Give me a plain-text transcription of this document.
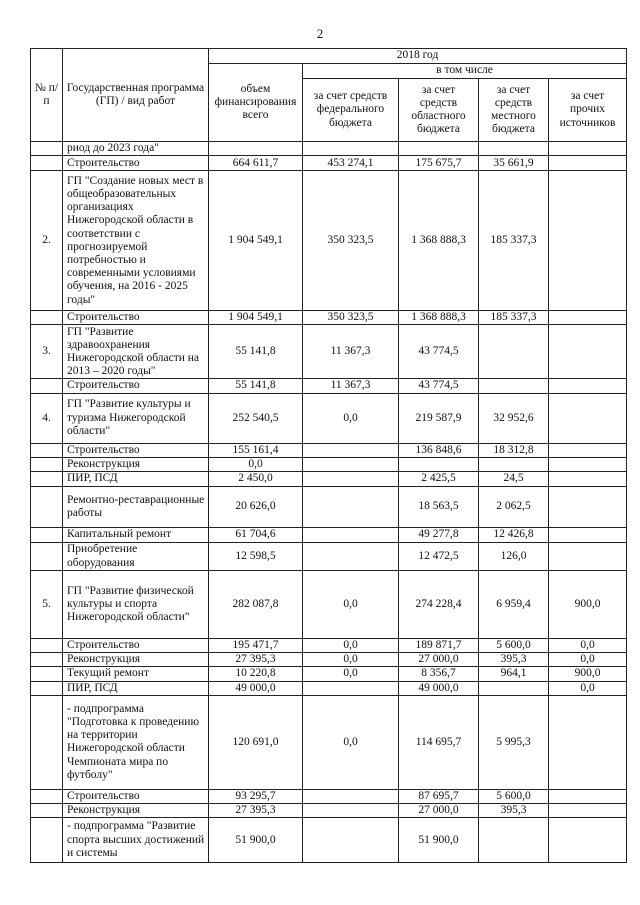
2
№ п/п	Государственная программа (ГП) / вид работ	2018 год				
		объем финансирования всего	в том числе			
			за счет средств федерального бюджета	за счет средств областного бюджета	за счет средств местного бюджета	за счет прочих источников
	риод до 2023 года"					
	Строительство	664 611,7	453 274,1	175 675,7	35 661,9	
2.	ГП "Создание новых мест в общеобразовательных организациях Нижегородской области в соответствии с прогнозируемой потребностью и современными условиями обучения, на 2016 - 2025 годы"	1 904 549,1	350 323,5	1 368 888,3	185 337,3	
	Строительство	1 904 549,1	350 323,5	1 368 888,3	185 337,3	
3.	ГП "Развитие здравоохранения Нижегородской области на 2013 – 2020 годы"	55 141,8	11 367,3	43 774,5		
	Строительство	55 141,8	11 367,3	43 774,5		
4.	ГП "Развитие культуры и туризма Нижегородской области"	252 540,5	0,0	219 587,9	32 952,6	
	Строительство	155 161,4		136 848,6	18 312,8	
	Реконструкция	0,0				
	ПИР, ПСД	2 450,0		2 425,5	24,5	
	Ремонтно-реставрационные работы	20 626,0		18 563,5	2 062,5	
	Капитальный ремонт	61 704,6		49 277,8	12 426,8	
	Приобретение оборудования	12 598,5		12 472,5	126,0	
5.	ГП "Развитие физической культуры и спорта Нижегородской области"	282 087,8	0,0	274 228,4	6 959,4	900,0
	Строительство	195 471,7	0,0	189 871,7	5 600,0	0,0
	Реконструкция	27 395,3	0,0	27 000,0	395,3	0,0
	Текущий ремонт	10 220,8	0,0	8 356,7	964,1	900,0
	ПИР, ПСД	49 000,0		49 000,0		0,0
	- подпрограмма "Подготовка к проведению на территории Нижегородской области Чемпионата мира по футболу"	120 691,0	0,0	114 695,7	5 995,3	
	Строительство	93 295,7		87 695,7	5 600,0	
	Реконструкция	27 395,3		27 000,0	395,3	
	- подпрограмма "Развитие спорта высших достижений и системы	51 900,0		51 900,0		
